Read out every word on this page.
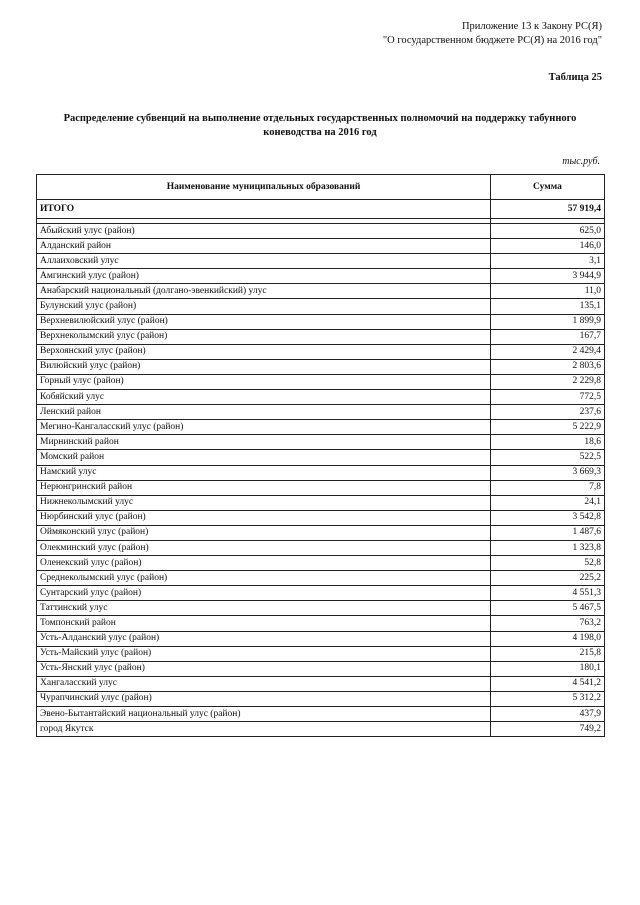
Приложение 13 к Закону РС(Я)
"О государственном бюджете РС(Я) на 2016 год"
Таблица 25
Распределение субвенций на выполнение отдельных государственных полномочий на поддержку табунного
коневодства на 2016 год
тыс.руб.
Наименование муниципальных образований	Сумма
ИТОГО	57 919,4

Абыйский улус (район)	625,0
Алданский район	146,0
Аллаиховский улус	3,1
Амгинский улус (район)	3 944,9
Анабарский национальный (долгано-эвенкийский) улус	11,0
Булунский улус (район)	135,1
Верхневилюйский улус (район)	1 899,9
Верхнеколымский улус (район)	167,7
Верхоянский улус (район)	2 429,4
Вилюйский улус (район)	2 803,6
Горный улус (район)	2 229,8
Кобяйский улус	772,5
Ленский район	237,6
Мегино-Кангаласский улус (район)	5 222,9
Мирнинский район	18,6
Момский район	522,5
Намский улус	3 669,3
Нерюнгринский район	7,8
Нижнеколымский улус	24,1
Нюрбинский улус (район)	3 542,8
Оймяконский улус (район)	1 487,6
Олекминский улус (район)	1 323,8
Оленекский улус (район)	52,8
Среднеколымский улус (район)	225,2
Сунтарский улус (район)	4 551,3
Таттинский улус	5 467,5
Томпонский район	763,2
Усть-Алданский улус (район)	4 198,0
Усть-Майский улус (район)	215,8
Усть-Янский улус (район)	180,1
Хангаласский улус	4 541,2
Чурапчинский улус (район)	5 312,2
Эвено-Бытантайский национальный улус (район)	437,9
город Якутск	749,2
